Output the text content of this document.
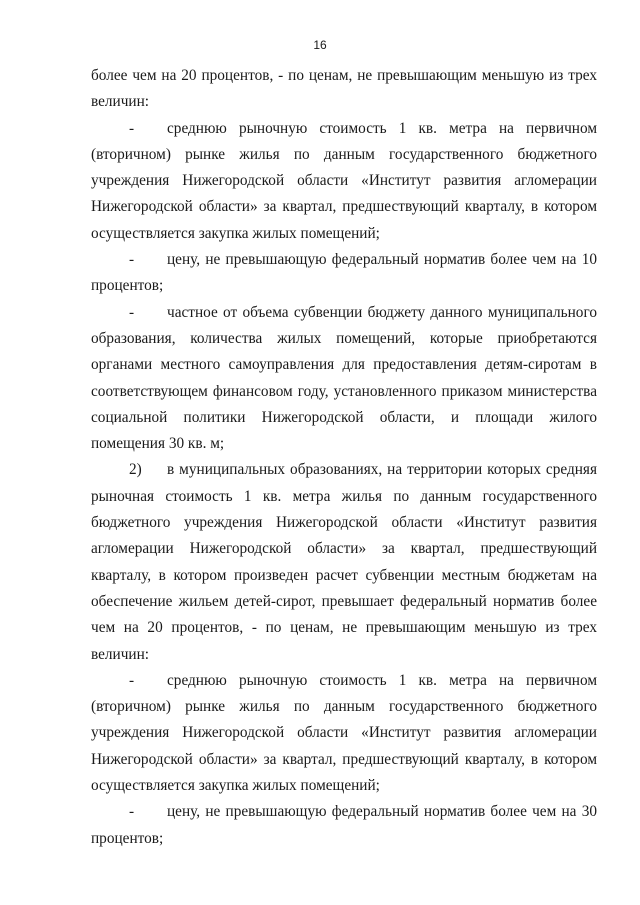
16

более чем на 20 процентов, - по ценам, не превышающим меньшую из трех величин:

- среднюю рыночную стоимость 1 кв. метра на первичном (вторичном) рынке жилья по данным государственного бюджетного учреждения Нижегородской области «Институт развития агломерации Нижегородской области» за квартал, предшествующий кварталу, в котором осуществляется закупка жилых помещений;

- цену, не превышающую федеральный норматив более чем на 10 процентов;

- частное от объема субвенции бюджету данного муниципального образования, количества жилых помещений, которые приобретаются органами местного самоуправления для предоставления детям-сиротам в соответствующем финансовом году, установленного приказом министерства социальной политики Нижегородской области, и площади жилого помещения 30 кв. м;

2) в муниципальных образованиях, на территории которых средняя рыночная стоимость 1 кв. метра жилья по данным государственного бюджетного учреждения Нижегородской области «Институт развития агломерации Нижегородской области» за квартал, предшествующий кварталу, в котором произведен расчет субвенции местным бюджетам на обеспечение жильем детей-сирот, превышает федеральный норматив более чем на 20 процентов, - по ценам, не превышающим меньшую из трех величин:

- среднюю рыночную стоимость 1 кв. метра на первичном (вторичном) рынке жилья по данным государственного бюджетного учреждения Нижегородской области «Институт развития агломерации Нижегородской области» за квартал, предшествующий кварталу, в котором осуществляется закупка жилых помещений;

- цену, не превышающую федеральный норматив более чем на 30 процентов;
